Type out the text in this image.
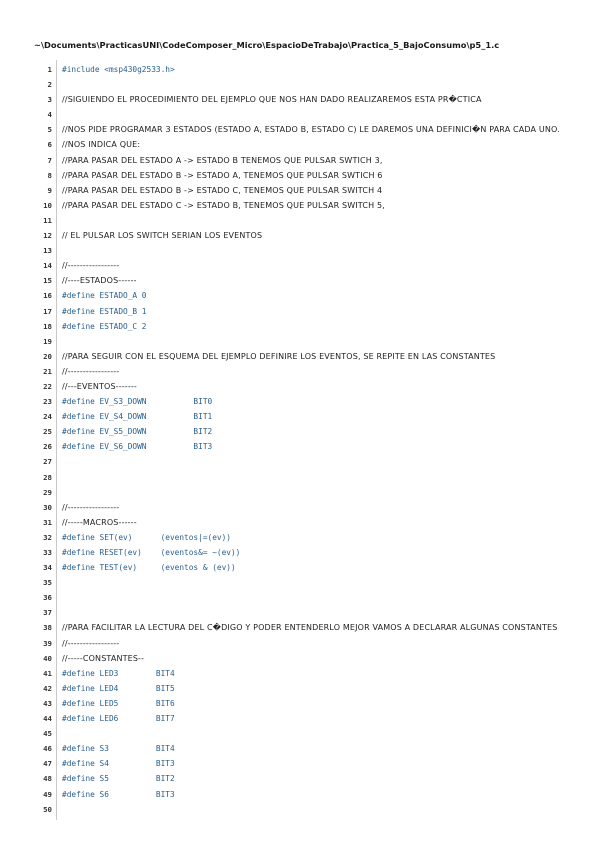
~\Documents\PracticasUNI\CodeComposer_Micro\EspacioDeTrabajo\Practica_5_BajoConsumo\p5_1.c
1 #include <msp430g2533.h>
2
3 //SIGUIENDO EL PROCEDIMIENTO DEL EJEMPLO QUE NOS HAN DADO REALIZAREMOS ESTA PR�CTICA
4
5 //NOS PIDE PROGRAMAR 3 ESTADOS (ESTADO A, ESTADO B, ESTADO C) LE DAREMOS UNA DEFINICI�N PARA CADA UNO.
6 //NOS INDICA QUE:
7 //PARA PASAR DEL ESTADO A -> ESTADO B TENEMOS QUE PULSAR SWTICH 3,
8 //PARA PASAR DEL ESTADO B -> ESTADO A, TENEMOS QUE PULSAR SWTICH 6
9 //PARA PASAR DEL ESTADO B -> ESTADO C, TENEMOS QUE PULSAR SWITCH 4
10 //PARA PASAR DEL ESTADO C -> ESTADO B, TENEMOS QUE PULSAR SWITCH 5,
11
12 // EL PULSAR LOS SWITCH SERIAN LOS EVENTOS
13
14 //-----------------
15 //----ESTADOS------
16 #define ESTADO_A 0
17 #define ESTADO_B 1
18 #define ESTADO_C 2
19
20 //PARA SEGUIR CON EL ESQUEMA DEL EJEMPLO DEFINIRE LOS EVENTOS, SE REPITE EN LAS CONSTANTES
21 //-----------------
22 //---EVENTOS-------
23 #define EV_S3_DOWN          BIT0
24 #define EV_S4_DOWN          BIT1
25 #define EV_S5_DOWN          BIT2
26 #define EV_S6_DOWN          BIT3
27
28
29
30 //-----------------
31 //-----MACROS------
32 #define SET(ev)      (eventos|=(ev))
33 #define RESET(ev)    (eventos&= ~(ev))
34 #define TEST(ev)     (eventos & (ev))
35
36
37
38 //PARA FACILITAR LA LECTURA DEL C�DIGO Y PODER ENTENDERLO MEJOR VAMOS A DECLARAR ALGUNAS CONSTANTES
39 //-----------------
40 //-----CONSTANTES--
41 #define LED3        BIT4
42 #define LED4        BIT5
43 #define LED5        BIT6
44 #define LED6        BIT7
45
46 #define S3          BIT4
47 #define S4          BIT3
48 #define S5          BIT2
49 #define S6          BIT3
50
